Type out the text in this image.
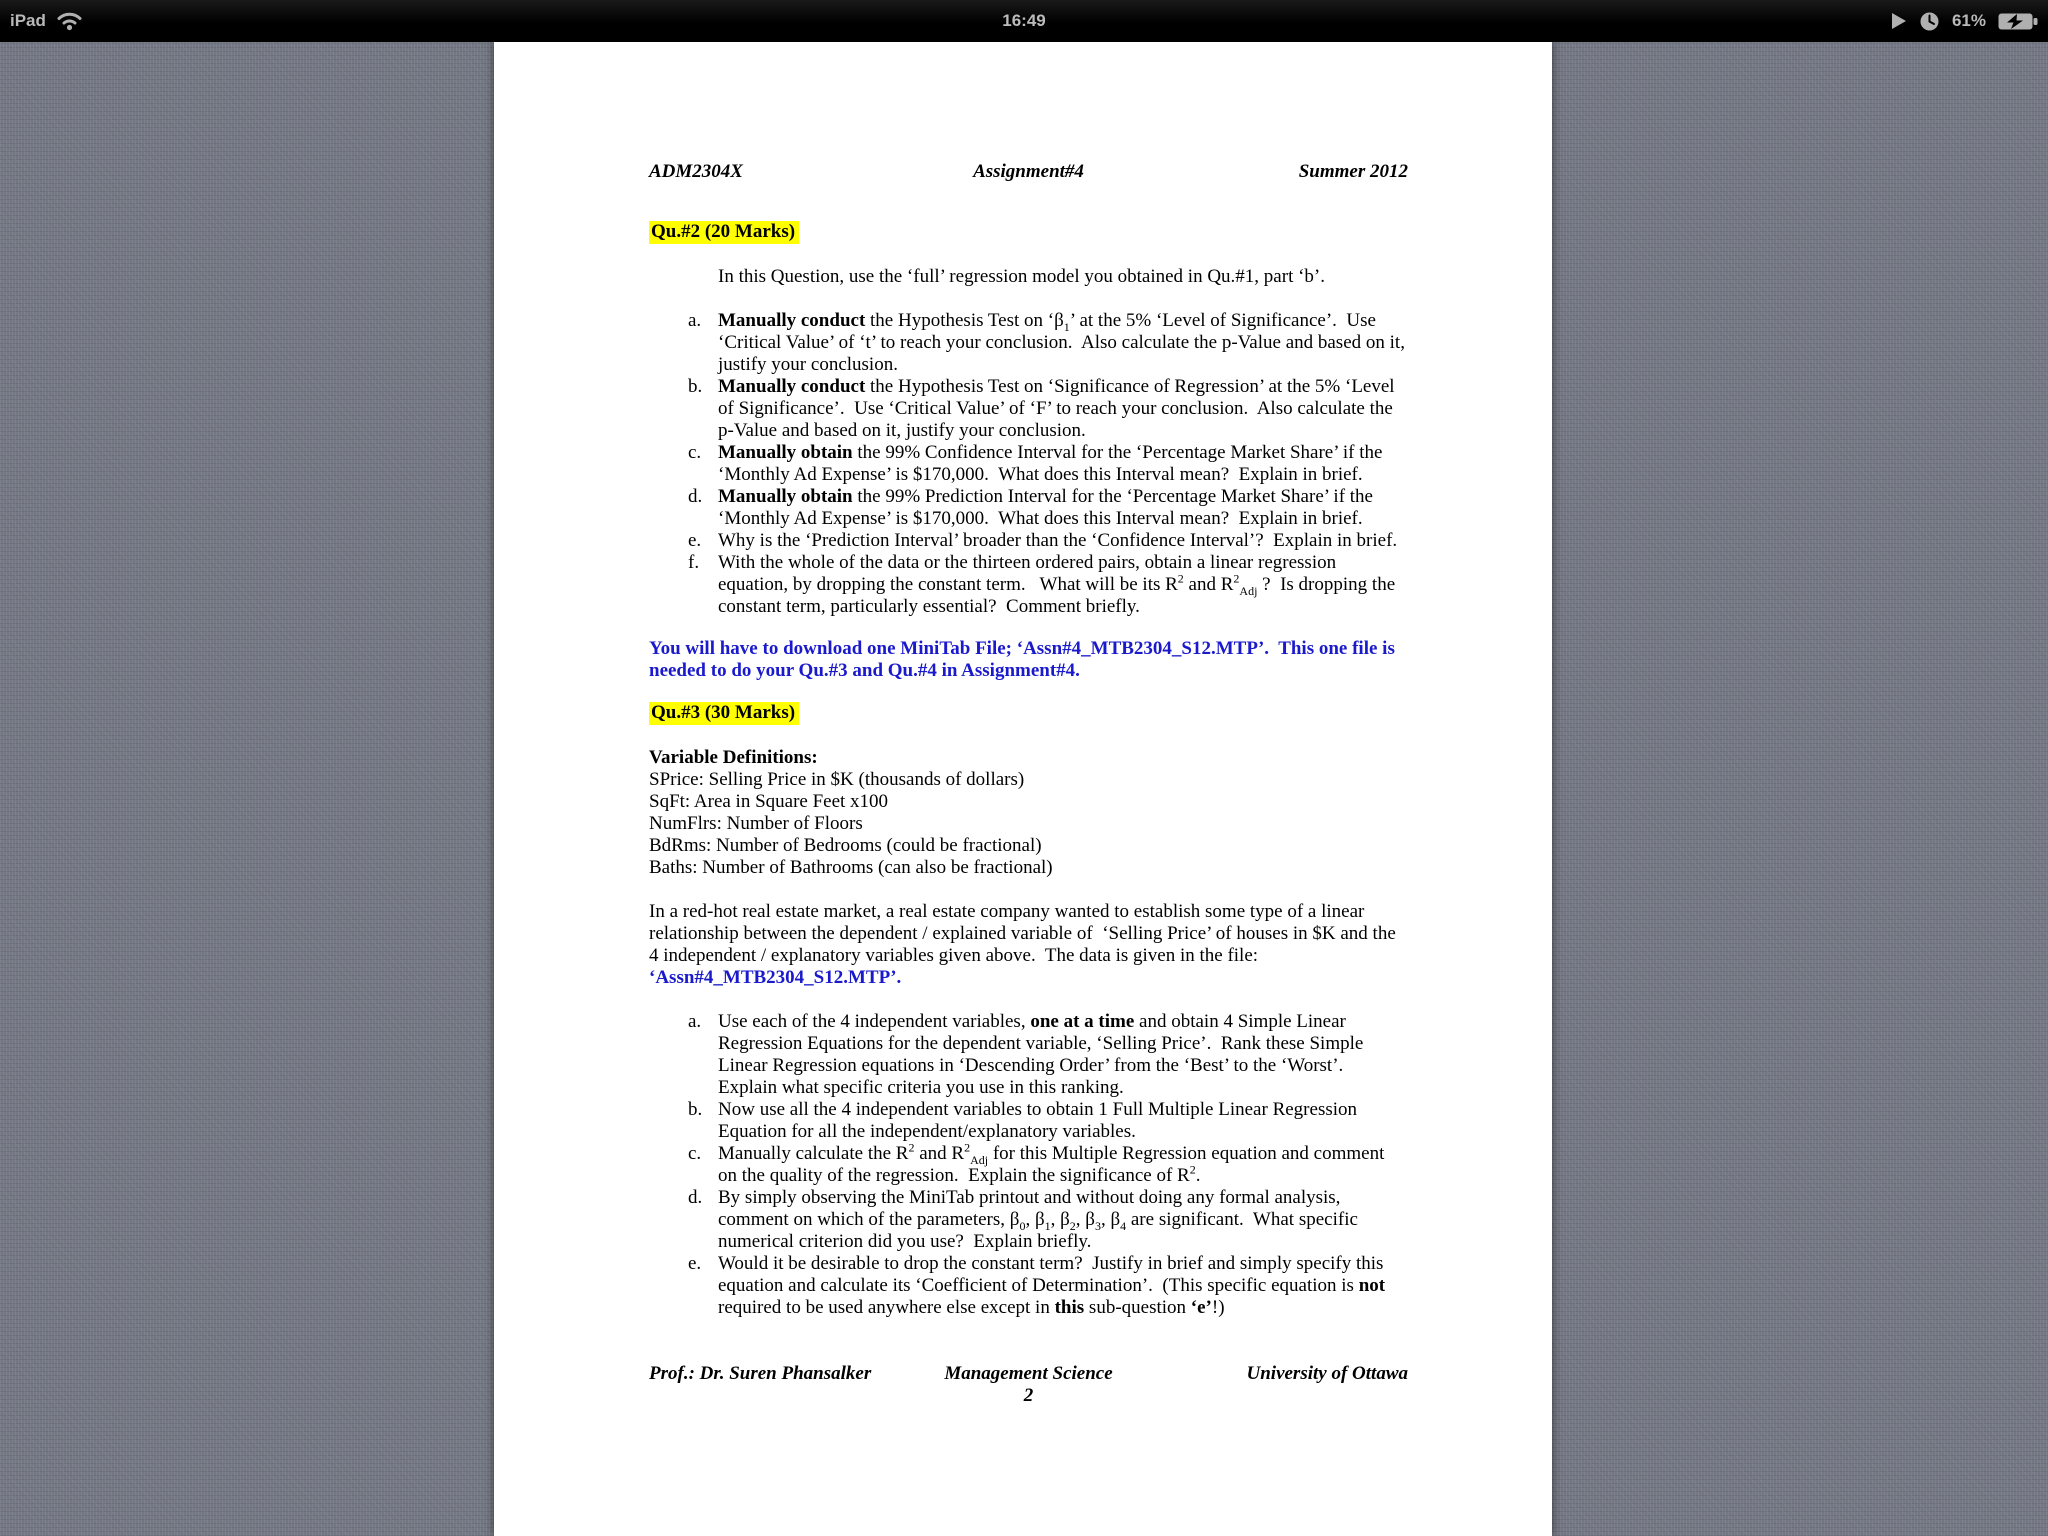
iPad	16:49	61%
ADM2304X	Assignment#4	Summer 2012
Qu.#2 (20 Marks)
In this Question, use the ‘full’ regression model you obtained in Qu.#1, part ‘b’.
a. Manually conduct the Hypothesis Test on ‘$\beta_1$’ at the 5% ‘Level of Significance’.  Use ‘Critical Value’ of ‘t’ to reach your conclusion.  Also calculate the p-Value and based on it, justify your conclusion.
b. Manually conduct the Hypothesis Test on ‘Significance of Regression’ at the 5% ‘Level of Significance’.  Use ‘Critical Value’ of ‘F’ to reach your conclusion.  Also calculate the p-Value and based on it, justify your conclusion.
c. Manually obtain the 99% Confidence Interval for the ‘Percentage Market Share’ if the ‘Monthly Ad Expense’ is $170,000.  What does this Interval mean?  Explain in brief.
d. Manually obtain the 99% Prediction Interval for the ‘Percentage Market Share’ if the ‘Monthly Ad Expense’ is $170,000.  What does this Interval mean?  Explain in brief.
e. Why is the ‘Prediction Interval’ broader than the ‘Confidence Interval’?  Explain in brief.
f. With the whole of the data or the thirteen ordered pairs, obtain a linear regression equation, by dropping the constant term.   What will be its $R^2$ and $R^2_{Adj}$ ?  Is dropping the constant term, particularly essential?  Comment briefly.
You will have to download one MiniTab File; ‘Assn#4_MTB2304_S12.MTP’.  This one file is needed to do your Qu.#3 and Qu.#4 in Assignment#4.
Qu.#3 (30 Marks)
Variable Definitions:
SPrice: Selling Price in $K (thousands of dollars)
SqFt: Area in Square Feet x100
NumFlrs: Number of Floors
BdRms: Number of Bedrooms (could be fractional)
Baths: Number of Bathrooms (can also be fractional)
In a red-hot real estate market, a real estate company wanted to establish some type of a linear relationship between the dependent / explained variable of  ‘Selling Price’ of houses in $K and the 4 independent / explanatory variables given above.  The data is given in the file:
‘Assn#4_MTB2304_S12.MTP’.
a. Use each of the 4 independent variables, one at a time and obtain 4 Simple Linear Regression Equations for the dependent variable, ‘Selling Price’.  Rank these Simple Linear Regression equations in ‘Descending Order’ from the ‘Best’ to the ‘Worst’.  Explain what specific criteria you use in this ranking.
b. Now use all the 4 independent variables to obtain 1 Full Multiple Linear Regression Equation for all the independent/explanatory variables.
c. Manually calculate the $R^2$ and $R^2_{Adj}$ for this Multiple Regression equation and comment on the quality of the regression.  Explain the significance of $R^2$.
d. By simply observing the MiniTab printout and without doing any formal analysis, comment on which of the parameters, $\beta_0$, $\beta_1$, $\beta_2$, $\beta_3$, $\beta_4$ are significant.  What specific numerical criterion did you use?  Explain briefly.
e. Would it be desirable to drop the constant term?  Justify in brief and simply specify this equation and calculate its ‘Coefficient of Determination’.  (This specific equation is not required to be used anywhere else except in this sub-question ‘e’!)
Prof.: Dr. Suren Phansalker	Management Science	University of Ottawa
2
